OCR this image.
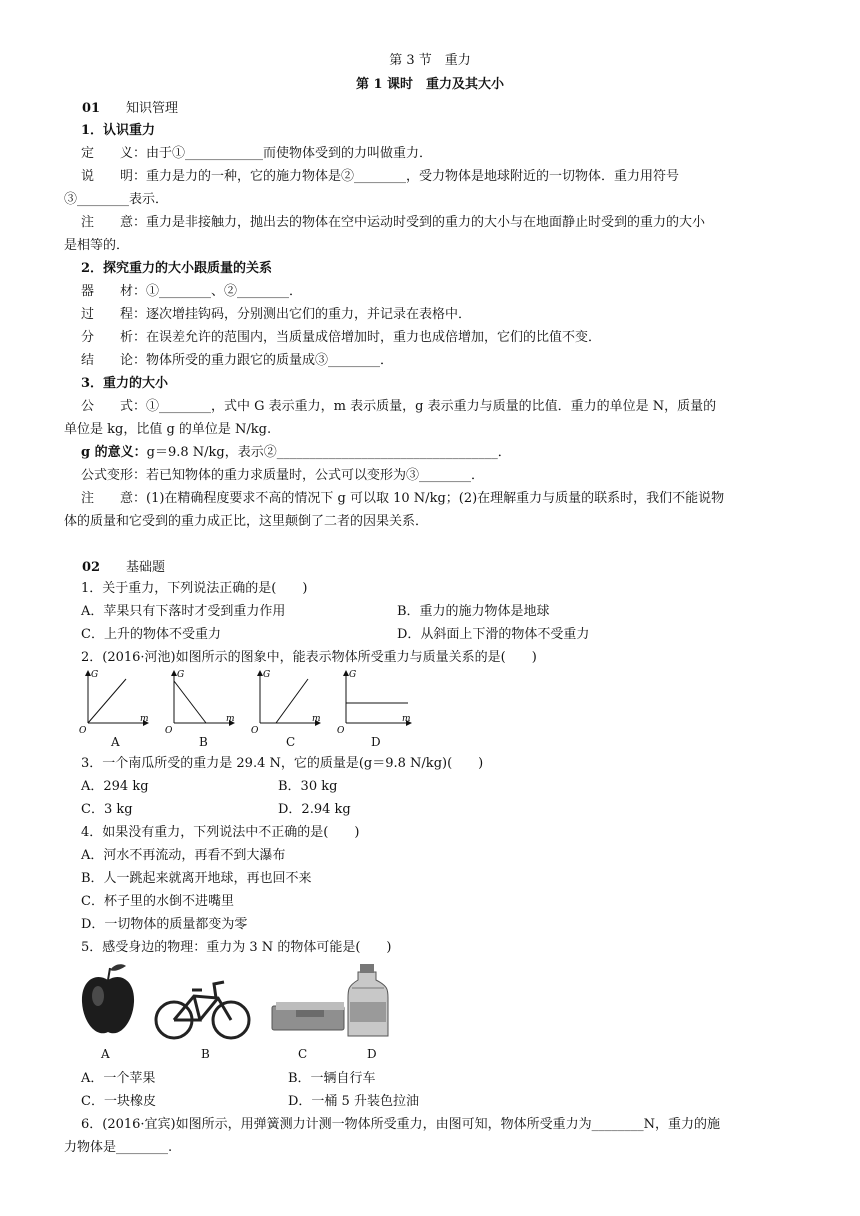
第 3 节　重力
第 1 课时　重力及其大小
01 知识管理
1．认识重力
定　　义：由于①____________而使物体受到的力叫做重力．
说　　明：重力是力的一种，它的施力物体是②________，受力物体是地球附近的一切物体．重力用符号
③________表示．
注　　意：重力是非接触力，抛出去的物体在空中运动时受到的重力的大小与在地面静止时受到的重力的大小
是相等的．
2．探究重力的大小跟质量的关系
器　　材：①________、②________．
过　　程：逐次增挂钩码，分别测出它们的重力，并记录在表格中．
分　　析：在误差允许的范围内，当质量成倍增加时，重力也成倍增加，它们的比值不变．
结　　论：物体所受的重力跟它的质量成③________．
3．重力的大小
公　　式：①________，式中 G 表示重力，m 表示质量，g 表示重力与质量的比值．重力的单位是 N，质量的
单位是 kg，比值 g 的单位是 N/kg.
g 的意义：g＝9.8 N/kg，表示②__________________________________．
公式变形：若已知物体的重力求质量时，公式可以变形为③________．
注　　意：(1)在精确程度要求不高的情况下 g 可以取 10 N/kg；(2)在理解重力与质量的联系时，我们不能说物
体的质量和它受到的重力成正比，这里颠倒了二者的因果关系．
02 基础题
1．关于重力，下列说法正确的是(　　)
A．苹果只有下落时才受到重力作用	B．重力的施力物体是地球
C．上升的物体不受重力	D．从斜面上下滑的物体不受重力
2．(2016·河池)如图所示的图象中，能表示物体所受重力与质量关系的是(　　)
G
m
O
G
m
O
G
m
O
G
m
O
A	B	C	D
3．一个南瓜所受的重力是 29.4 N，它的质量是(g＝9.8 N/kg)(　　)
A．294 kg	B．30 kg
C．3 kg	D．2.94 kg
4．如果没有重力，下列说法中不正确的是(　　)
A．河水不再流动，再看不到大瀑布
B．人一跳起来就离开地球，再也回不来
C．杯子里的水倒不进嘴里
D．一切物体的质量都变为零
5．感受身边的物理：重力为 3 N 的物体可能是(　　)
A	B	C	D
A．一个苹果	B．一辆自行车
C．一块橡皮	D．一桶 5 升装色拉油
6．(2016·宜宾)如图所示，用弹簧测力计测一物体所受重力，由图可知，物体所受重力为________N，重力的施
力物体是________.
